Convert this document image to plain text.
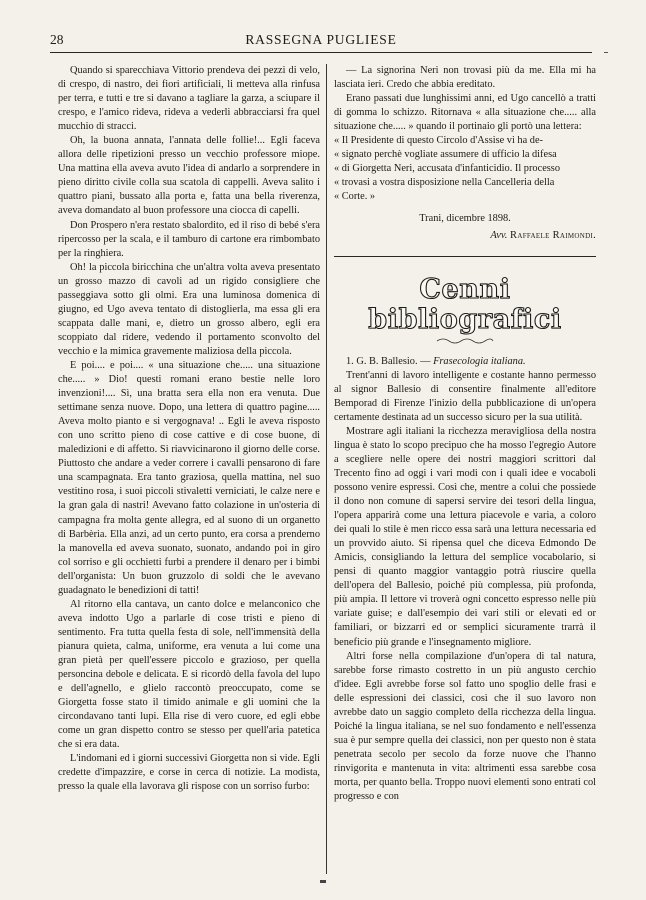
28	RASSEGNA PUGLIESE

Quando si sparecchiava Vittorio prendeva dei pezzi di velo, di crespo, di nastro, dei fiori artificiali, li metteva alla rinfusa per terra, e tutti e tre si davano a tagliare la garza, a sciupare il crespo, e l'amico rideva, rideva a vederli abbracciarsi fra quel mucchio di stracci.

Oh, la buona annata, l'annata delle follie!... Egli faceva allora delle ripetizioni presso un vecchio professore miope. Una mattina ella aveva avuto l'idea di andarlo a sorprendere in pieno diritto civile colla sua scatola di cappelli. Aveva salito i quattro piani, bussato alla porta e, fatta una bella riverenza, aveva domandato al buon professore una ciocca di capelli.

Don Prospero n'era restato sbalordito, ed il riso di bebé s'era ripercosso per la scala, e il tamburo di cartone era rimbombato per la ringhiera.

Oh! la piccola biricchina che un'altra volta aveva presentato un grosso mazzo di cavoli ad un rigido consigliere che passeggiava sotto gli olmi. Era una luminosa domenica di giugno, ed Ugo aveva tentato di distoglierla, ma essa gli era scappata dalle mani, e, dietro un grosso albero, egli era scoppiato dal ridere, vedendo il portamento sconvolto del vecchio e la mimica gravemente maliziosa della piccola.

E poi.... e poi.... « una situazione che..... una situazione che..... » Dio! questi romani erano bestie nelle loro invenzioni!.... Sì, una bratta sera ella non era venuta. Due settimane senza nuove. Dopo, una lettera di quattro pagine..... Aveva molto pianto e si vergognava! .. Egli le aveva risposto con uno scritto pieno di cose cattive e di cose buone, di maledizioni e di affetto. Si riavvicinarono il giorno delle corse. Piuttosto che andare a veder correre i cavalli pensarono di fare una scampagnata. Era tanto graziosa, quella mattina, nel suo vestitino rosa, i suoi piccoli stivaletti verniciati, le calze nere e la gran gala di nastri! Avevano fatto colazione in un'osteria di campagna fra molta gente allegra, ed al suono di un organetto di Barbèria. Ella anzi, ad un certo punto, era corsa a prenderno la manovella ed aveva suonato, suonato, andando poi in giro col sorriso e gli occhietti furbi a prendere il denaro per i bimbi dell'organista: Un buon gruzzolo di soldi che le avevano guadagnato le benedizioni di tatti!

Al ritorno ella cantava, un canto dolce e melanconico che aveva indotto Ugo a parlarle di cose tristi e pieno di sentimento. Fra tutta quella festa di sole, nell'immensità della pianura quieta, calma, uniforme, era venuta a lui come una gran pietà per quell'essere piccolo e grazioso, per quella personcina debole e delicata. E si ricordò della favola del lupo e dell'agnello, e glielo raccontò preoccupato, come se Giorgetta fosse stato il timido animale e gli uomini che la circondavano tanti lupi. Ella rise di vero cuore, ed egli ebbe come un gran dispetto contro se stesso per quell'aria patetica che si era data.

L'indomani ed i giorni successivi Giorgetta non si vide. Egli credette d'impazzire, e corse in cerca di notizie. La modista, presso la quale ella lavorava gli rispose con un sorriso furbo:

— La signorina Neri non trovasi più da me. Ella mi ha lasciata ieri. Credo che abbia ereditato.

Erano passati due lunghissimi anni, ed Ugo cancellò a tratti di gomma lo schizzo. Ritornava « alla situazione che..... alla situazione che..... » quando il portinaio gli portò una lettera:

« Il Presidente di questo Circolo d'Assise vi ha de-

« signato perchè vogliate assumere di ufficio la difesa

« di Giorgetta Neri, accusata d'infanticidio. Il processo

« trovasi a vostra disposizione nella Cancelleria della

« Corte. »

Trani, dicembre 1898.

Avv. Raffaele Raimondi.

Cenni bibliografici

1. G. B. Ballesio. — Frasecologia italiana.

Trent'anni di lavoro intelligente e costante hanno permesso al signor Ballesio di consentire finalmente all'editore Bemporad di Firenze l'inizio della pubblicazione di un'opera certamente destinata ad un successo sicuro per la sua utilità.

Mostrare agli italiani la ricchezza meravigliosa della nostra lingua è stato lo scopo precipuo che ha mosso l'egregio Autore a scegliere nelle opere dei nostri maggiori scrittori dal Trecento fino ad oggi i vari modi con i quali idee e vocaboli possono venire espressi. Così che, mentre a colui che possiede il dono non comune di sapersi servire dei tesori della lingua, l'opera apparirà come una lettura piacevole e varia, a coloro dei quali lo stile è men ricco essa sarà una lettura necessaria ed un provvido aiuto. Si ripensa quel che diceva Edmondo De Amicis, consigliando la lettura del semplice vocabolario, si pensi di quanto maggior vantaggio potrà riuscire quella dell'opera del Ballesio, poiché più complessa, più profonda, più ampia. Il lettore vi troverà ogni concetto espresso nelle più variate guise; e dall'esempio dei vari stili or elevati ed or familiari, or bizzarri ed or semplici sicuramente trarrà il beneficio più grande e l'insegnamento migliore.

Altri forse nella compilazione d'un'opera di tal natura, sarebbe forse rimasto costretto in un più angusto cerchio d'idee. Egli avrebbe forse sol fatto uno spoglio delle frasi e delle espressioni dei classici, così che il suo lavoro non avrebbe dato un saggio completo della ricchezza della lingua. Poiché la lingua italiana, se nel suo fondamento e nell'essenza sua è pur sempre quella dei classici, non per questo non è stata penetrata secolo per secolo da forze nuove che l'hanno rinvigorita e mantenuta in vita: altrimenti essa sarebbe cosa morta, per quanto bella. Troppo nuovi elementi sono entrati col progresso e con
